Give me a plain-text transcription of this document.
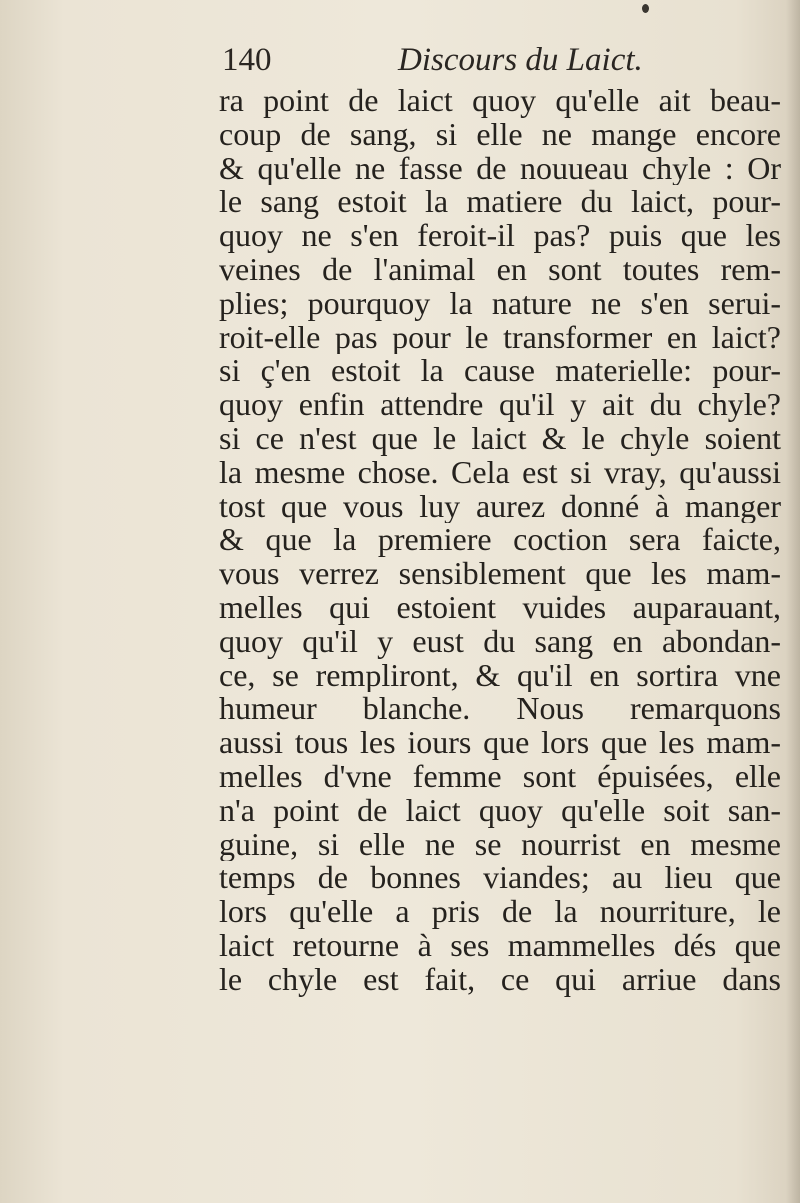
140	Discours du Laict.
ra point de laict quoy qu'elle ait beau-
coup de sang, si elle ne mange encore
& qu'elle ne fasse de nouueau chyle : Or
le sang estoit la matiere du laict, pour-
quoy ne s'en feroit-il pas? puis que les
veines de l'animal en sont toutes rem-
plies; pourquoy la nature ne s'en serui-
roit-elle pas pour le transformer en laict?
si ç'en estoit la cause materielle: pour-
quoy enfin attendre qu'il y ait du chyle?
si ce n'est que le laict & le chyle soient
la mesme chose. Cela est si vray, qu'aussi
tost que vous luy aurez donné à manger
& que la premiere coction sera faicte,
vous verrez sensiblement que les mam-
melles qui estoient vuides auparauant,
quoy qu'il y eust du sang en abondan-
ce, se rempliront, & qu'il en sortira vne
humeur blanche. Nous remarquons
aussi tous les iours que lors que les mam-
melles d'vne femme sont épuisées, elle
n'a point de laict quoy qu'elle soit san-
guine, si elle ne se nourrist en mesme
temps de bonnes viandes; au lieu que
lors qu'elle a pris de la nourriture, le
laict retourne à ses mammelles dés que
le chyle est fait, ce qui arriue dans
